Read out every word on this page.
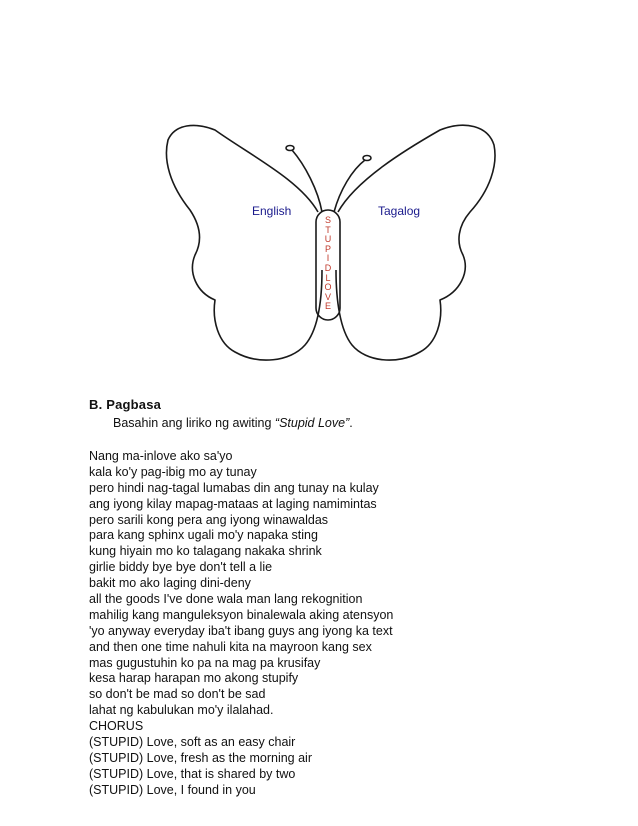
English	Tagalog
S
T
U
P
I
D
L
O
V
E
B. Pagbasa
Basahin ang liriko ng awiting “Stupid Love”.
Nang ma-inlove ako sa'yo
kala ko'y pag-ibig mo ay tunay
pero hindi nag-tagal lumabas din ang tunay na kulay
ang iyong kilay mapag-mataas at laging namimintas
pero sarili kong pera ang iyong winawaldas
para kang sphinx ugali mo'y napaka sting
kung hiyain mo ko talagang nakaka shrink
girlie biddy bye bye don't tell a lie
bakit mo ako laging dini-deny
all the goods I've done wala man lang rekognition
mahilig kang manguleksyon binalewala aking atensyon
'yo anyway everyday iba't ibang guys ang iyong ka text
and then one time nahuli kita na mayroon kang sex
mas gugustuhin ko pa na mag pa krusifay
kesa harap harapan mo akong stupify
so don't be mad so don't be sad
lahat ng kabulukan mo'y ilalahad.
CHORUS
(STUPID) Love, soft as an easy chair
(STUPID) Love, fresh as the morning air
(STUPID) Love, that is shared by two
(STUPID) Love, I found in you
